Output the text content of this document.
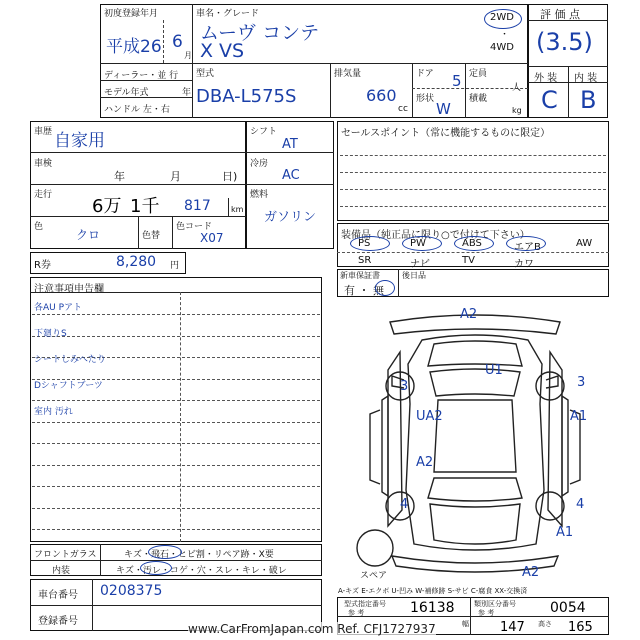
初度登録年月
平成26 6
月
車名・グレード
ムーヴ コンテ
X VS
2WD
・
4WD
評 価 点
(3.5)
ディーラー・並 行
モデル年式	年
ハンドル 左・右
型式
DBA-L575S
排気量
660
cc
ドア 5
形状
W
定員
人
積載
kg
外 装 内 装
C B
車歴 自家用
車検
年	月	日)
走行
6万 1千 817	km
色
クロ	色替
色コード
X07
シフト
AT
冷房
AC
燃料
ガソリン
R券	8,280 円
セールスポイント（常に機能するものに限定）
装備品（純正品に限り○で付けて下さい）
PS	PW	ABS	エアB	AW
SR	ナビ	TV	カワ
新車保証書
有 ・ 無
後日品
注意事項申告欄
各AU Pアト
下廻りS
シートしみへたり
Dシャフトブーツ
室内 汚れ
A2
U1
3	3
UA2	A1
A2
4	4
A1
A2
スペア
A-キズ E-エクボ U-凹み W-補修跡 S-サビ C-腐食 XX-交換済
フロントガラス	キズ・飛石・ヒビ割・リペア跡・X要
内装	キズ・汚レ・コゲ・穴・スレ・キレ・破レ
車台番号 0208375
登録番号
型式指定番号
参 考	16138	類別区分番号
参 考	0054
幅 147 高さ 165
www.CarFromJapan.com Ref. CFJ1727937
